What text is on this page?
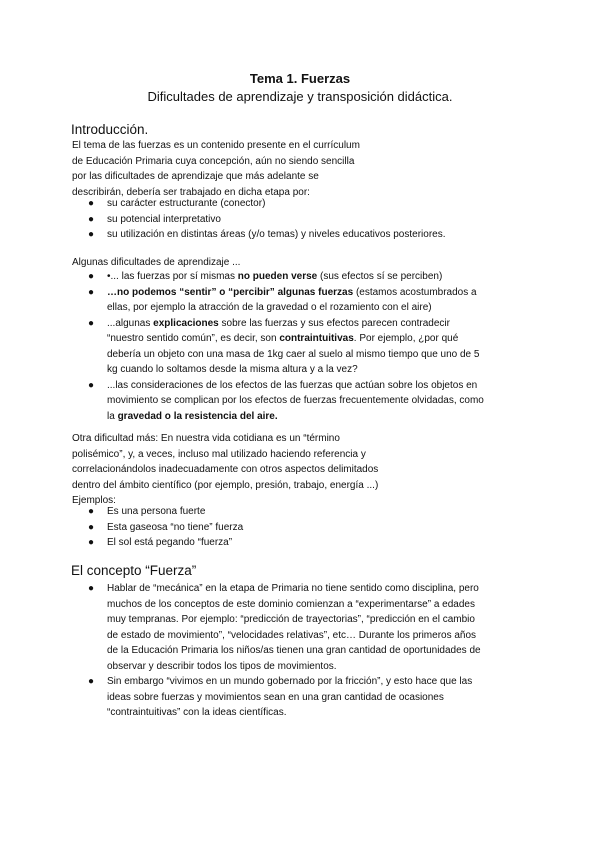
Tema 1. Fuerzas
Dificultades de aprendizaje y transposición didáctica.
Introducción.
El tema de las fuerzas es un contenido presente en el currículum
de Educación Primaria cuya concepción, aún no siendo sencilla
por las dificultades de aprendizaje que más adelante se
describirán, debería ser trabajado en dicha etapa por:
● su carácter estructurante (conector)
● su potencial interpretativo
● su utilización en distintas áreas (y/o temas) y niveles educativos posteriores.
Algunas dificultades de aprendizaje ...
● •... las fuerzas por sí mismas no pueden verse (sus efectos sí se perciben)
● …no podemos “sentir” o “percibir” algunas fuerzas (estamos acostumbrados a
ellas, por ejemplo la atracción de la gravedad o el rozamiento con el aire)
● ...algunas explicaciones sobre las fuerzas y sus efectos parecen contradecir
“nuestro sentido común”, es decir, son contraintuitivas. Por ejemplo, ¿por qué
debería un objeto con una masa de 1kg caer al suelo al mismo tiempo que uno de 5
kg cuando lo soltamos desde la misma altura y a la vez?
● ...las consideraciones de los efectos de las fuerzas que actúan sobre los objetos en
movimiento se complican por los efectos de fuerzas frecuentemente olvidadas, como
la gravedad o la resistencia del aire.
Otra dificultad más: En nuestra vida cotidiana es un “término
polisémico”, y, a veces, incluso mal utilizado haciendo referencia y
correlacionándolos inadecuadamente con otros aspectos delimitados
dentro del ámbito científico (por ejemplo, presión, trabajo, energía ...)
Ejemplos:
● Es una persona fuerte
● Esta gaseosa “no tiene” fuerza
● El sol está pegando “fuerza”
El concepto “Fuerza”
● Hablar de “mecánica” en la etapa de Primaria no tiene sentido como disciplina, pero
muchos de los conceptos de este dominio comienzan a “experimentarse” a edades
muy tempranas. Por ejemplo: “predicción de trayectorias”, “predicción en el cambio
de estado de movimiento”, “velocidades relativas”, etc… Durante los primeros años
de la Educación Primaria los niños/as tienen una gran cantidad de oportunidades de
observar y describir todos los tipos de movimientos.
● Sin embargo “vivimos en un mundo gobernado por la fricción”, y esto hace que las
ideas sobre fuerzas y movimientos sean en una gran cantidad de ocasiones
“contraintuitivas” con la ideas científicas.
